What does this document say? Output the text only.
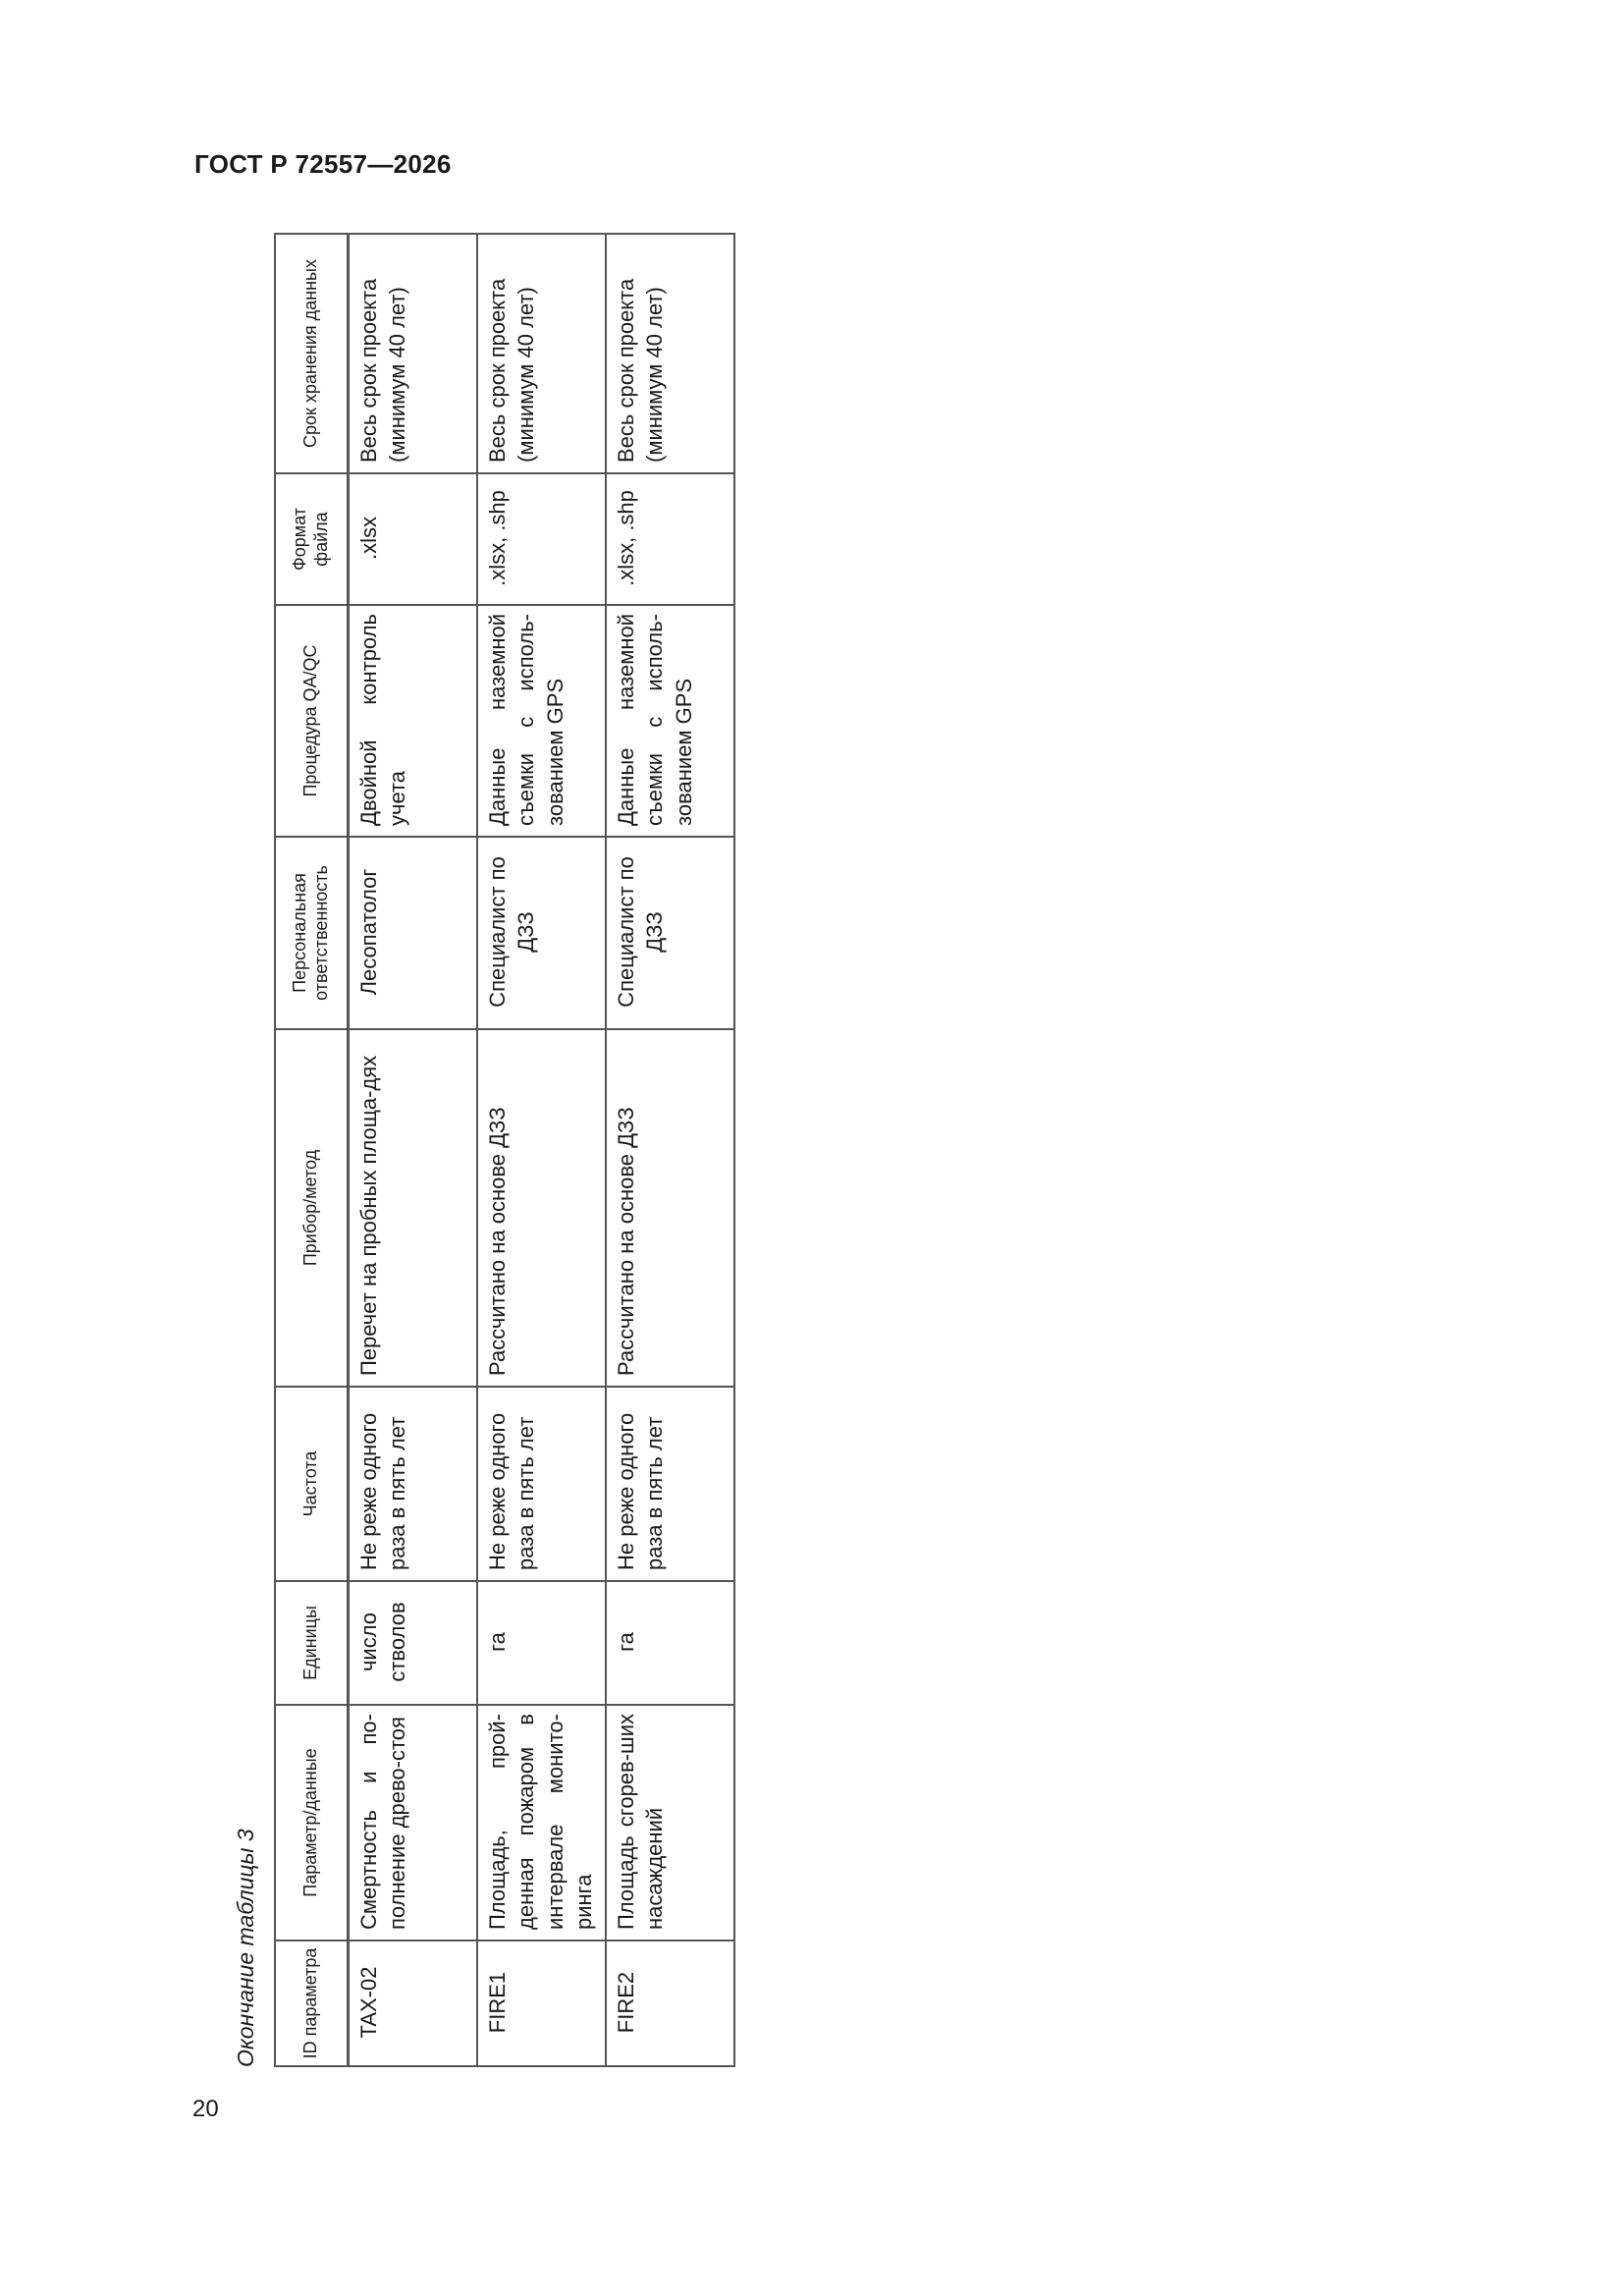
ГОСТ Р 72557—2026
Окончание таблицы 3 ID параметра	Параметр/данные	Единицы	Частота	Прибор/метод	Персональная ответственность	Процедура QA/QC	Формат файла	Срок хранения данных
TAX-02	Смертность и по-полнение древо-стоя	число стволов	Не реже одного раза в пять лет	Перечет на пробных площа-дях	Лесопатолог	Двойной контроль учета	.xlsx	Весь срок проекта (минимум 40 лет)
FIRE1	Площадь, прой-денная пожаром в интервале монито-ринга	га	Не реже одного раза в пять лет	Рассчитано на основе ДЗЗ	Специалист по ДЗЗ	Данные наземной съемки с исполь-зованием GPS	.xlsx, .shp	Весь срок проекта (минимум 40 лет)
FIRE2	Площадь сгорев-ших насаждений	га	Не реже одного раза в пять лет	Рассчитано на основе ДЗЗ	Специалист по ДЗЗ	Данные наземной съемки с исполь-зованием GPS	.xlsx, .shp	Весь срок проекта (минимум 40 лет)
20
